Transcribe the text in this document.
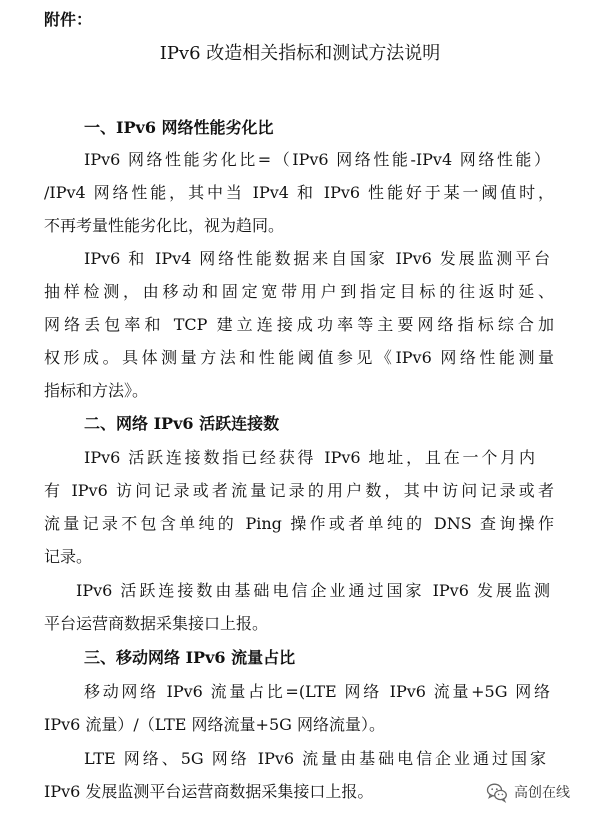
附件：
IPv6 改造相关指标和测试方法说明
一、IPv6 网络性能劣化比
IPv6 网络性能劣化比=（IPv6 网络性能-IPv4 网络性能）
/IPv4 网络性能，其中当 IPv4 和 IPv6 性能好于某一阈值时，
不再考量性能劣化比，视为趋同。
IPv6 和 IPv4 网络性能数据来自国家 IPv6 发展监测平台
抽样检测，由移动和固定宽带用户到指定目标的往返时延、
网络丢包率和 TCP 建立连接成功率等主要网络指标综合加
权形成。具体测量方法和性能阈值参见《IPv6 网络性能测量
指标和方法》。
二、网络 IPv6 活跃连接数
IPv6 活跃连接数指已经获得 IPv6 地址，且在一个月内
有 IPv6 访问记录或者流量记录的用户数，其中访问记录或者
流量记录不包含单纯的 Ping 操作或者单纯的 DNS 查询操作
记录。
IPv6 活跃连接数由基础电信企业通过国家 IPv6 发展监测
平台运营商数据采集接口上报。
三、移动网络 IPv6 流量占比
移动网络 IPv6 流量占比=(LTE 网络 IPv6 流量+5G 网络
IPv6 流量）/（LTE 网络流量+5G 网络流量）。
LTE 网络、5G 网络 IPv6 流量由基础电信企业通过国家
IPv6 发展监测平台运营商数据采集接口上报。	高创在线
